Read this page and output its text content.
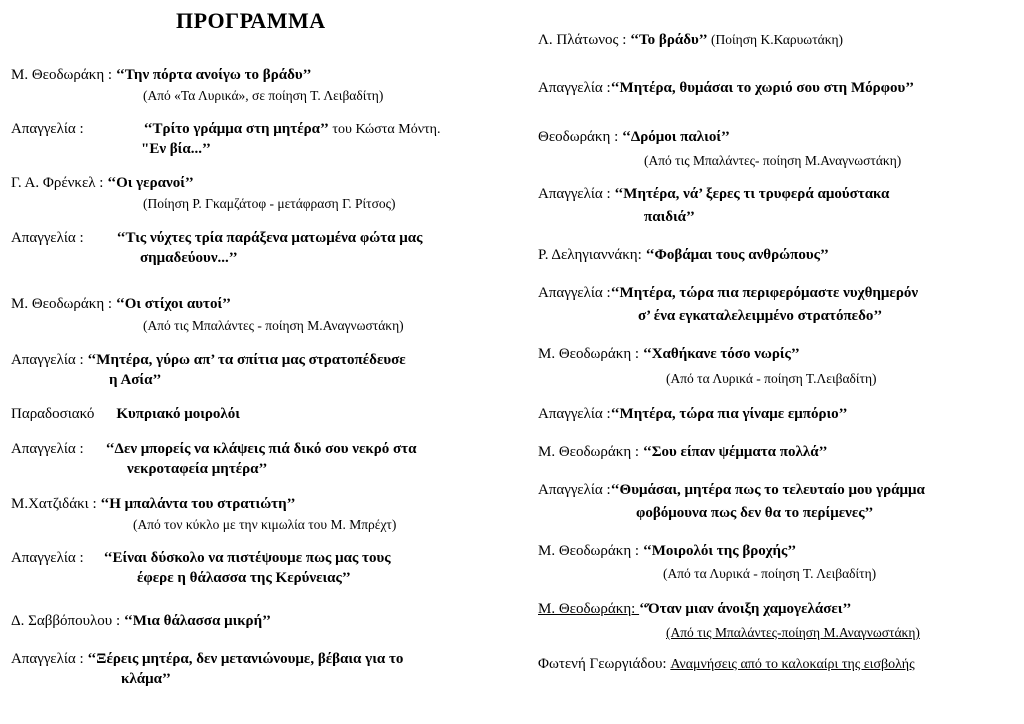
ΠΡΟΓΡΑΜΜΑ
Μ. Θεοδωράκη : ‘‘Την πόρτα ανοίγω το βράδυ’’
(Από «Τα Λυρικά», σε ποίηση Τ. Λειβαδίτη)
Απαγγελία :	‘‘Τρίτο γράμμα στη μητέρα’’ του Κώστα Μόντη.
"Εν βία...’’
Γ. Α. Φρένκελ : ‘‘Οι γερανοί’’
(Ποίηση Ρ. Γκαμζάτοφ - μετάφραση Γ. Ρίτσος)
Απαγγελία : ‘‘Τις νύχτες τρία παράξενα ματωμένα φώτα μας
σημαδεύουν...’’
Μ. Θεοδωράκη : ‘‘Οι στίχοι αυτοί’’
(Από τις Μπαλάντες - ποίηση Μ.Αναγνωστάκη)
Απαγγελία : ‘‘Μητέρα, γύρω απ’ τα σπίτια μας στρατοπέδευσε
η Ασία’’
Παραδοσιακό Κυπριακό μοιρολόι
Απαγγελία : ‘‘Δεν μπορείς να κλάψεις πιά δικό σου νεκρό στα
νεκροταφεία μητέρα’’
Μ.Χατζιδάκι : ‘‘Η μπαλάντα του στρατιώτη’’
(Από τον κύκλο με την κιμωλία του Μ. Μπρέχτ)
Απαγγελία : ‘‘Είναι δύσκολο να πιστέψουμε πως μας τους
έφερε η θάλασσα της Κερύνειας’’
Δ. Σαββόπουλου : ‘‘Μια θάλασσα μικρή’’
Απαγγελία : ‘‘Ξέρεις μητέρα, δεν μετανιώνουμε, βέβαια για το
κλάμα’’
Λ. Πλάτωνος : ‘‘Το βράδυ’’ (Ποίηση Κ.Καρυωτάκη)
Απαγγελία :‘‘Μητέρα, θυμάσαι το χωριό σου στη Μόρφου’’
Θεοδωράκη : ‘‘Δρόμοι παλιοί’’
(Από τις Μπαλάντες- ποίηση Μ.Αναγνωστάκη)
Απαγγελία : ‘‘Μητέρα, νά’ ξερες τι τρυφερά αμούστακα
παιδιά’’
Ρ. Δεληγιαννάκη: ‘‘Φοβάμαι τους ανθρώπους’’
Απαγγελία :‘‘Μητέρα, τώρα πια περιφερόμαστε νυχθημερόν
σ’ ένα εγκαταλελειμμένο στρατόπεδο’’
Μ. Θεοδωράκη : ‘‘Χαθήκανε τόσο νωρίς’’
(Από τα Λυρικά - ποίηση Τ.Λειβαδίτη)
Απαγγελία :‘‘Μητέρα, τώρα πια γίναμε εμπόριο’’
Μ. Θεοδωράκη : ‘‘Σου είπαν ψέμματα πολλά’’
Απαγγελία :‘‘Θυμάσαι, μητέρα πως το τελευταίο μου γράμμα
φοβόμουνα πως δεν θα το περίμενες’’
Μ. Θεοδωράκη : ‘‘Μοιρολόι της βροχής’’
(Από τα Λυρικά - ποίηση Τ. Λειβαδίτη)
Μ. Θεοδωράκη: ‘‘Όταν μιαν άνοιξη χαμογελάσει’’
(Από τις Μπαλάντες-ποίηση Μ.Αναγνωστάκη)
Φωτενή Γεωργιάδου: Αναμνήσεις από το καλοκαίρι της εισβολής
